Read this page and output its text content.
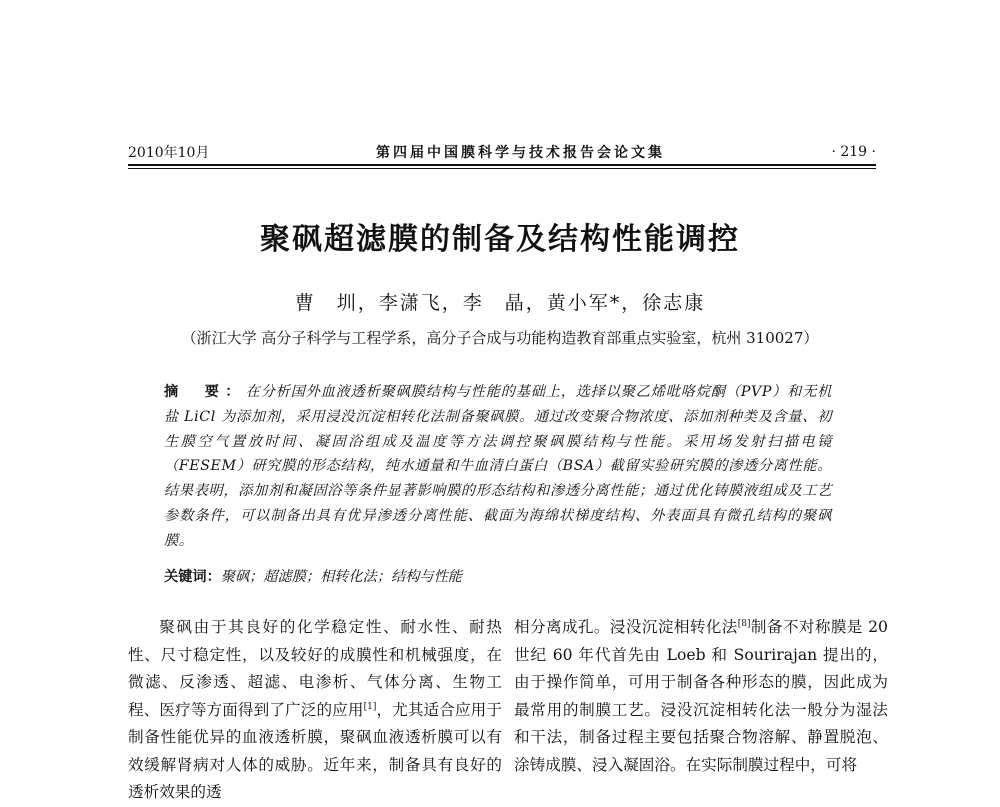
2010年10月	第四届中国膜科学与技术报告会论文集	· 219 ·
聚砜超滤膜的制备及结构性能调控
曹　圳，李潇飞，李　晶，黄小军*，徐志康
（浙江大学 高分子科学与工程学系，高分子合成与功能构造教育部重点实验室，杭州 310027）
摘　要：在分析国外血液透析聚砜膜结构与性能的基础上，选择以聚乙烯吡咯烷酮（PVP）和无机盐 LiCl 为添加剂，采用浸没沉淀相转化法制备聚砜膜。通过改变聚合物浓度、添加剂种类及含量、初生膜空气置放时间、凝固浴组成及温度等方法调控聚砜膜结构与性能。采用场发射扫描电镜（FESEM）研究膜的形态结构，纯水通量和牛血清白蛋白（BSA）截留实验研究膜的渗透分离性能。结果表明，添加剂和凝固浴等条件显著影响膜的形态结构和渗透分离性能；通过优化铸膜液组成及工艺参数条件，可以制备出具有优异渗透分离性能、截面为海绵状梯度结构、外表面具有微孔结构的聚砜膜。
关键词：聚砜；超滤膜；相转化法；结构与性能

聚砜由于其良好的化学稳定性、耐水性、耐热性、尺寸稳定性，以及较好的成膜性和机械强度，在微滤、反渗透、超滤、电渗析、气体分离、生物工程、医疗等方面得到了广泛的应用[1]，尤其适合应用于制备性能优异的血液透析膜，聚砜血液透析膜可以有效缓解肾病对人体的威胁。近年来，制备具有良好的透析效果的透

相分离成孔。浸没沉淀相转化法[8]制备不对称膜是 20 世纪 60 年代首先由 Loeb 和 Sourirajan 提出的，由于操作简单，可用于制备各种形态的膜，因此成为最常用的制膜工艺。浸没沉淀相转化法一般分为湿法和干法，制备过程主要包括聚合物溶解、静置脱泡、涂铸成膜、浸入凝固浴。在实际制膜过程中，可将
